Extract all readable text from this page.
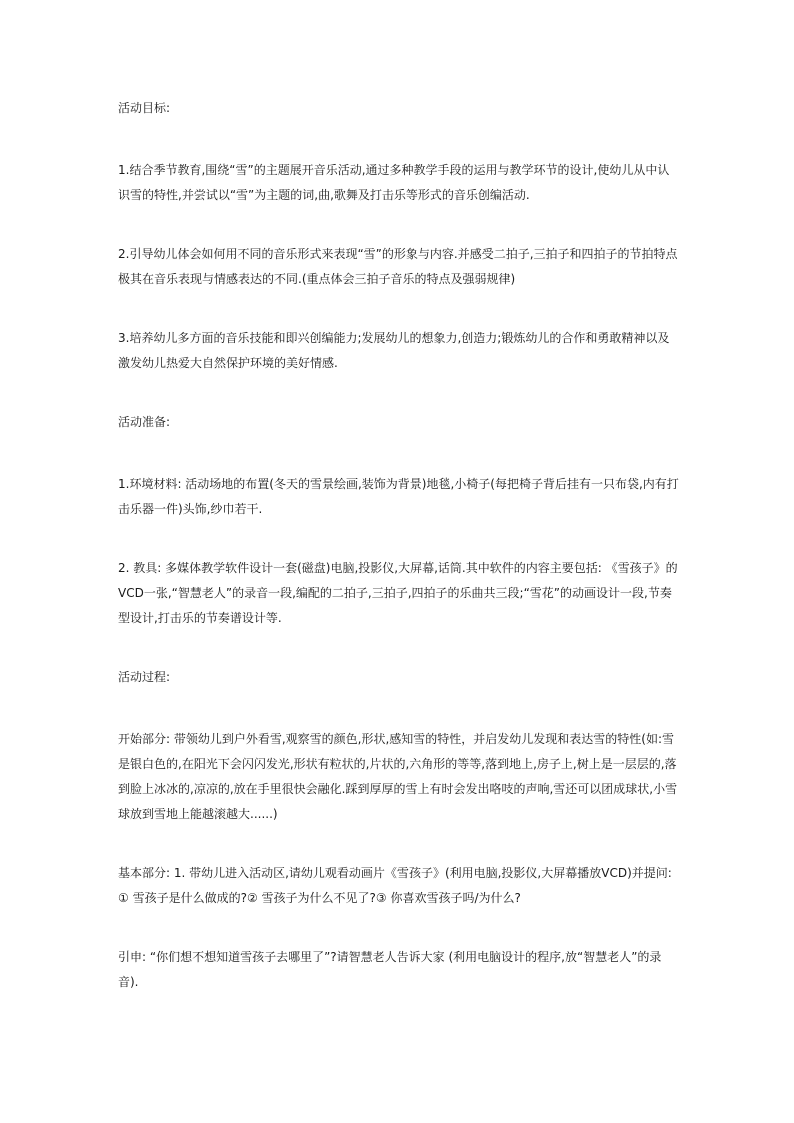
活动目标:

1.结合季节教育,围绕“雪”的主题展开音乐活动,通过多种教学手段的运用与教学环节的设计,使幼儿从中认识雪的特性,并尝试以“雪”为主题的词,曲,歌舞及打击乐等形式的音乐创编活动.

2.引导幼儿体会如何用不同的音乐形式来表现“雪”的形象与内容.并感受二拍子,三拍子和四拍子的节拍特点极其在音乐表现与情感表达的不同.(重点体会三拍子音乐的特点及强弱规律)

3.培养幼儿多方面的音乐技能和即兴创编能力;发展幼儿的想象力,创造力;锻炼幼儿的合作和勇敢精神以及激发幼儿热爱大自然保护环境的美好情感.

活动准备:

1.环境材料: 活动场地的布置(冬天的雪景绘画,装饰为背景)地毯,小椅子(每把椅子背后挂有一只布袋,内有打击乐器一件)头饰,纱巾若干.

2. 教具: 多媒体教学软件设计一套(磁盘)电脑,投影仪,大屏幕,话筒.其中软件的内容主要包括: 《雪孩子》的VCD一张,“智慧老人”的录音一段,编配的二拍子,三拍子,四拍子的乐曲共三段;“雪花”的动画设计一段,节奏型设计,打击乐的节奏谱设计等.

活动过程:

开始部分: 带领幼儿到户外看雪,观察雪的颜色,形状,感知雪的特性，并启发幼儿发现和表达雪的特性(如:雪是银白色的,在阳光下会闪闪发光,形状有粒状的,片状的,六角形的等等,落到地上,房子上,树上是一层层的,落到脸上冰冰的,凉凉的,放在手里很快会融化.踩到厚厚的雪上有时会发出咯吱的声响,雪还可以团成球状,小雪球放到雪地上能越滚越大......)

基本部分: 1. 带幼儿进入活动区,请幼儿观看动画片《雪孩子》(利用电脑,投影仪,大屏幕播放VCD)并提问: ① 雪孩子是什么做成的?② 雪孩子为什么不见了?③ 你喜欢雪孩子吗/为什么?

引申: “你们想不想知道雪孩子去哪里了”?请智慧老人告诉大家 (利用电脑设计的程序,放“智慧老人”的录音).
